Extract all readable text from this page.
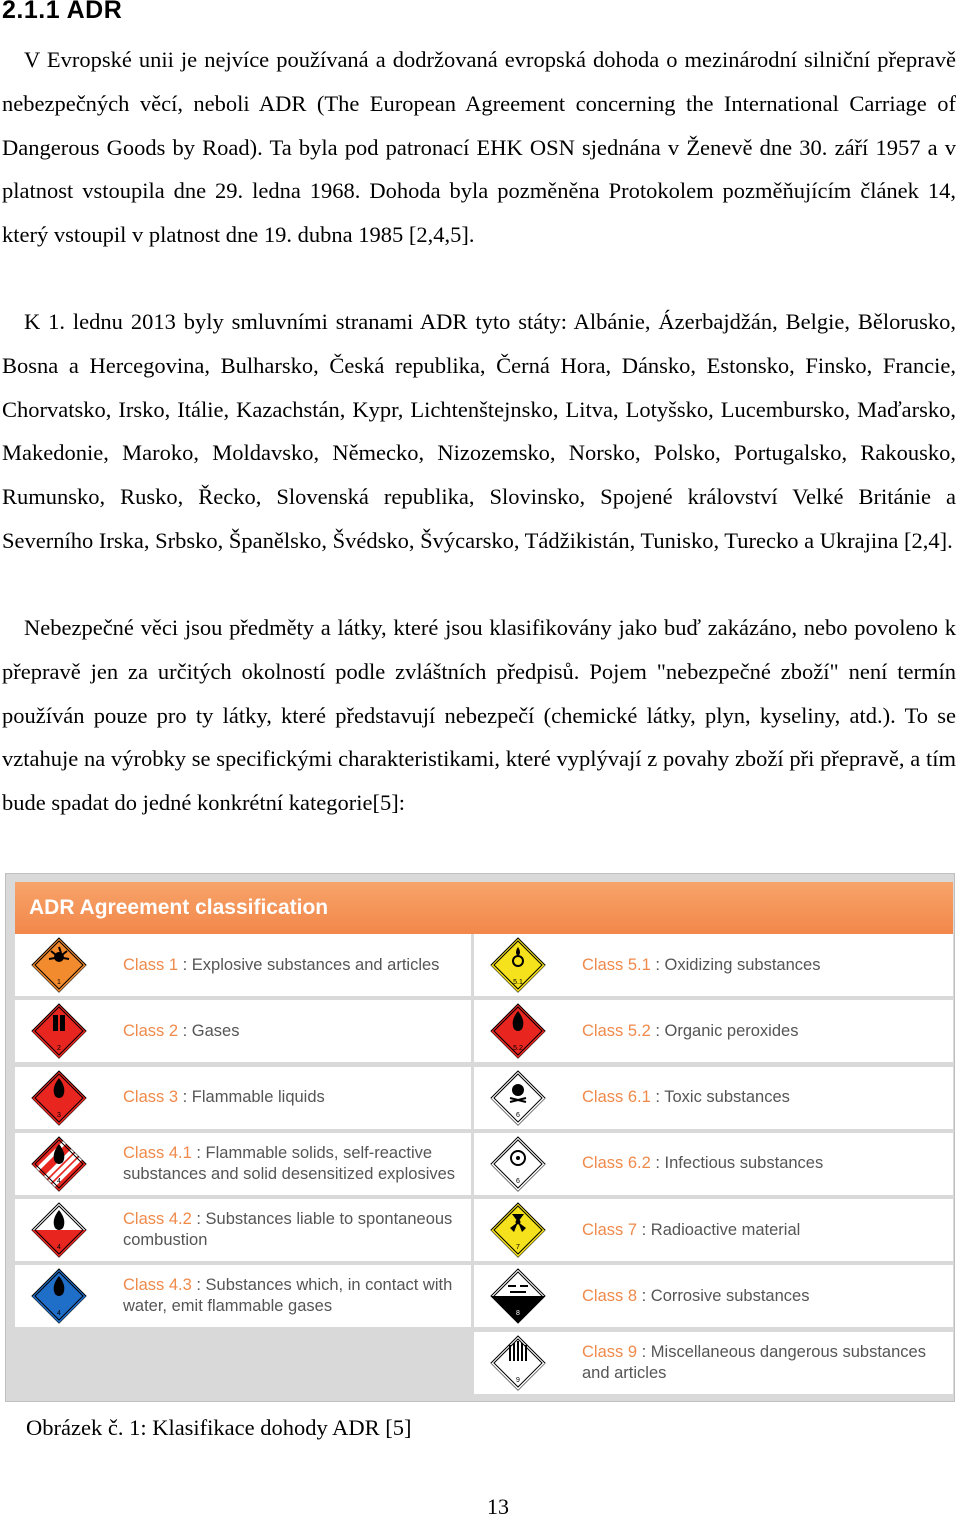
2.1.1 ADR
V Evropské unii je nejvíce používaná a dodržovaná evropská dohoda o mezinárodní silniční přepravě nebezpečných věcí, neboli ADR (The European Agreement concerning the International Carriage of Dangerous Goods by Road). Ta byla pod patronací EHK OSN sjednána v Ženevě dne 30. září 1957 a v platnost vstoupila dne 29. ledna 1968. Dohoda byla pozměněna Protokolem pozměňujícím článek 14, který vstoupil v platnost dne 19. dubna 1985 [2,4,5].
K 1. lednu 2013 byly smluvními stranami ADR tyto státy: Albánie, Ázerbajdžán, Belgie, Bělorusko, Bosna a Hercegovina, Bulharsko, Česká republika, Černá Hora, Dánsko, Estonsko, Finsko, Francie, Chorvatsko, Irsko, Itálie, Kazachstán, Kypr, Lichtenštejnsko, Litva, Lotyšsko, Lucembursko, Maďarsko, Makedonie, Maroko, Moldavsko, Německo, Nizozemsko, Norsko, Polsko, Portugalsko, Rakousko, Rumunsko, Rusko, Řecko, Slovenská republika, Slovinsko, Spojené království Velké Británie a Severního Irska, Srbsko, Španělsko, Švédsko, Švýcarsko, Tádžikistán, Tunisko, Turecko a Ukrajina [2,4].
Nebezpečné věci jsou předměty a látky, které jsou klasifikovány jako buď zakázáno, nebo povoleno k přepravě jen za určitých okolností podle zvláštních předpisů. Pojem "nebezpečné zboží" není termín používán pouze pro ty látky, které představují nebezpečí (chemické látky, plyn, kyseliny, atd.). To se vztahuje na výrobky se specifickými charakteristikami, které vyplývají z povahy zboží při přepravě, a tím bude spadat do jedné konkrétní kategorie[5]:
ADR Agreement classification
1
Class 1 : Explosive substances and articles
2
Class 2 : Gases
3
Class 3 : Flammable liquids
4
Class 4.1 : Flammable solids, self-reactive substances and solid desensitized explosives
4
Class 4.2 : Substances liable to spontaneous combustion
4
Class 4.3 : Substances which, in contact with water, emit flammable gases
5.1
Class 5.1 : Oxidizing substances
5.2
Class 5.2 : Organic peroxides
6
Class 6.1 : Toxic substances
6
Class 6.2 : Infectious substances
7
Class 7 : Radioactive material
8
Class 8 : Corrosive substances
9
Class 9 : Miscellaneous dangerous substances and articles
Obrázek č. 1: Klasifikace dohody ADR [5]
13
